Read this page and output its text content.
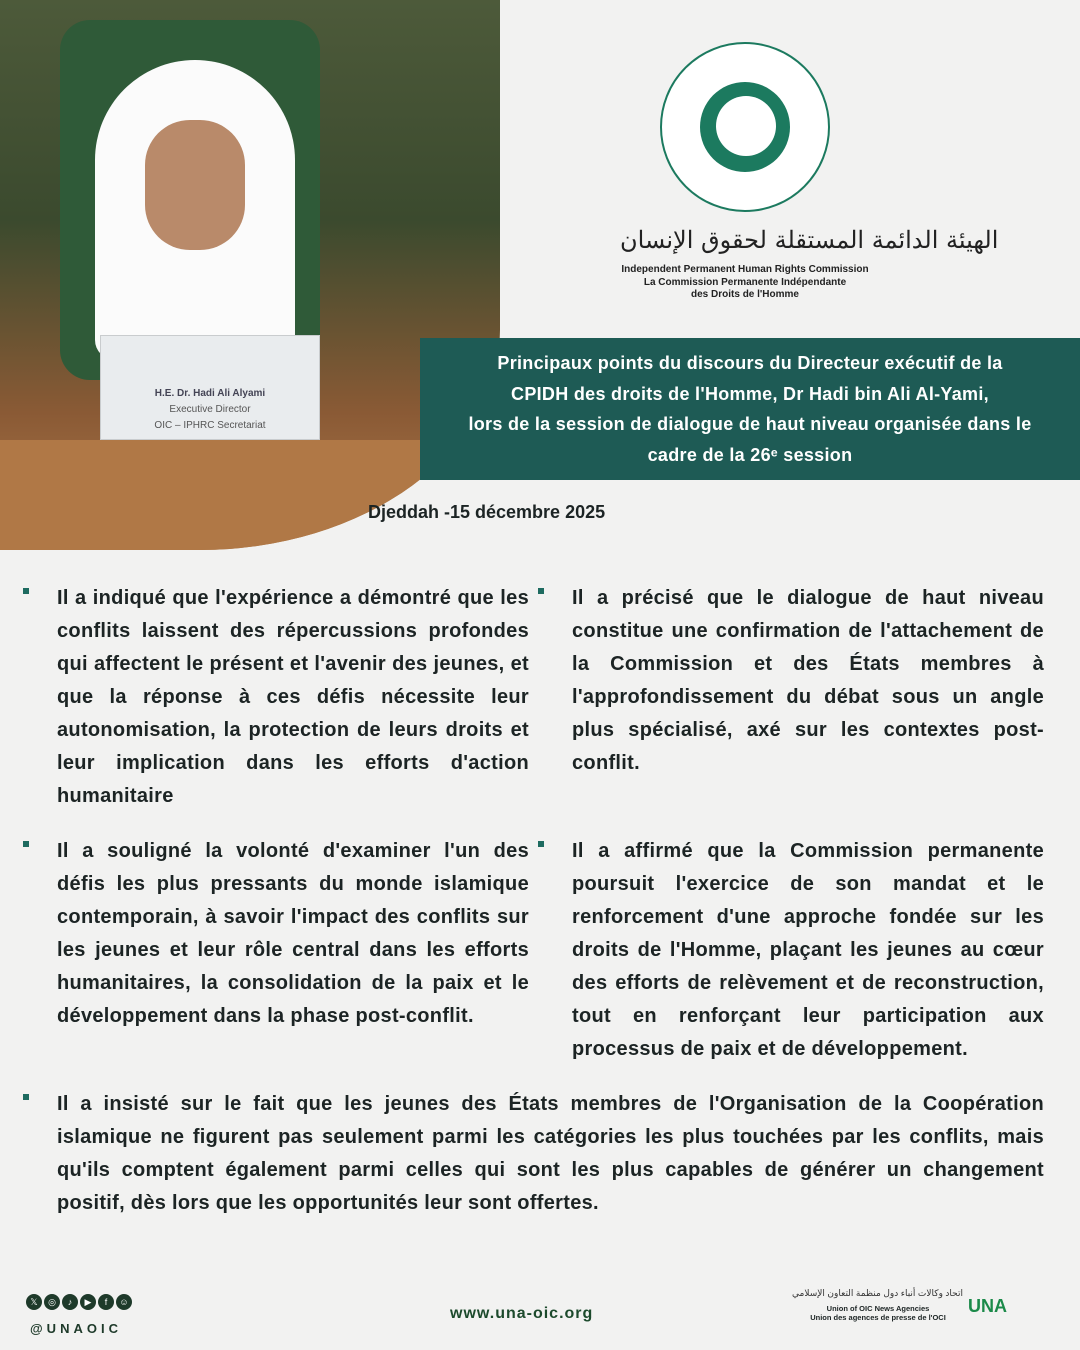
H.E. Dr. Hadi Ali Alyami
Executive Director
OIC – IPHRC Secretariat
الهيئة الدائمة المستقلة لحقوق الإنسان
Independent Permanent Human Rights Commission
La Commission Permanente Indépendante
des Droits de l'Homme
Principaux points du discours du Directeur exécutif de la
CPIDH des droits de l'Homme, Dr Hadi bin Ali Al-Yami,
lors de la session de dialogue de haut niveau organisée dans le
cadre de la 26ᵉ session
Djeddah -15 décembre 2025
Il a indiqué que l'expérience a démontré que les conflits laissent des répercussions profondes qui affectent le présent et l'avenir des jeunes, et que la réponse à ces défis nécessite leur autonomisation, la protection de leurs droits et leur implication dans les efforts d'action humanitaire
Il a précisé que le dialogue de haut niveau constitue une confirmation de l'attachement de la Commission et des États membres à l'approfondissement du débat sous un angle plus spécialisé, axé sur les contextes post-conflit.
Il a souligné la volonté d'examiner l'un des défis les plus pressants du monde islamique contemporain, à savoir l'impact des conflits sur les jeunes et leur rôle central dans les efforts humanitaires, la consolidation de la paix et le développement dans la phase post-conflit.
Il a affirmé que la Commission permanente poursuit l'exercice de son mandat et le renforcement d'une approche fondée sur les droits de l'Homme, plaçant les jeunes au cœur des efforts de relèvement et de reconstruction, tout en renforçant leur participation aux processus de paix et de développement.
Il a insisté sur le fait que les jeunes des États membres de l'Organisation de la Coopération islamique ne figurent pas seulement parmi les catégories les plus touchées par les conflits, mais qu'ils comptent également parmi celles qui sont les plus capables de générer un changement positif, dès lors que les opportunités leur sont offertes.
𝕏	◎	♪	▶	f	☺
@UNAOIC
www.una-oic.org
اتحاد وكالات أنباء دول منظمة التعاون الإسلامي
Union of OIC News Agencies
Union des agences de presse de l'OCI
UNA
